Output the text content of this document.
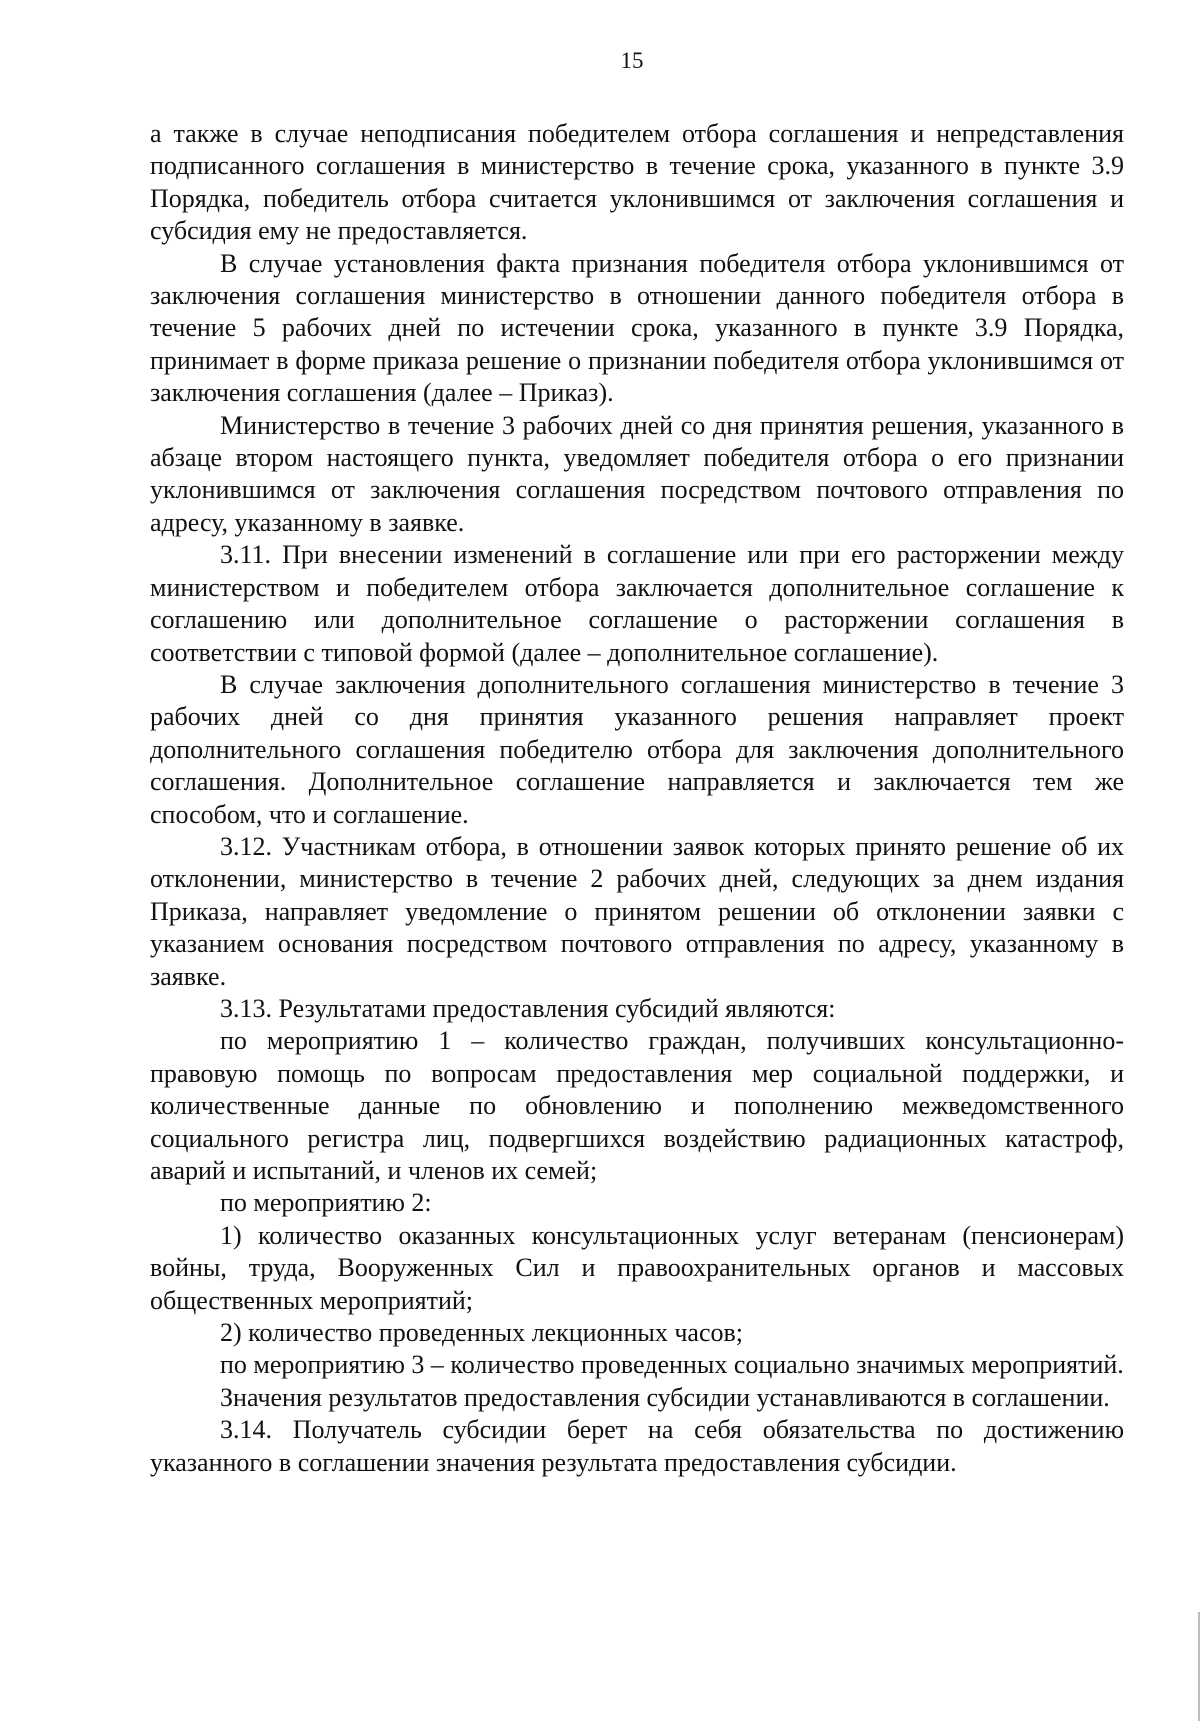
15

а также в случае неподписания победителем отбора соглашения и непредставления подписанного соглашения в министерство в течение срока, указанного в пункте 3.9 Порядка, победитель отбора считается уклонившимся от заключения соглашения и субсидия ему не предоставляется.

В случае установления факта признания победителя отбора уклонившимся от заключения соглашения министерство в отношении данного победителя отбора в течение 5 рабочих дней по истечении срока, указанного в пункте 3.9 Порядка, принимает в форме приказа решение о признании победителя отбора уклонившимся от заключения соглашения (далее – Приказ).

Министерство в течение 3 рабочих дней со дня принятия решения, указанного в абзаце втором настоящего пункта, уведомляет победителя отбора о его признании уклонившимся от заключения соглашения посредством почтового отправления по адресу, указанному в заявке.

3.11. При внесении изменений в соглашение или при его расторжении между министерством и победителем отбора заключается дополнительное соглашение к соглашению или дополнительное соглашение о расторжении соглашения в соответствии с типовой формой (далее – дополнительное соглашение).

В случае заключения дополнительного соглашения министерство в течение 3 рабочих дней со дня принятия указанного решения направляет проект дополнительного соглашения победителю отбора для заключения дополнительного соглашения. Дополнительное соглашение направляется и заключается тем же способом, что и соглашение.

3.12. Участникам отбора, в отношении заявок которых принято решение об их отклонении, министерство в течение 2 рабочих дней, следующих за днем издания Приказа, направляет уведомление о принятом решении об отклонении заявки с указанием основания посредством почтового отправления по адресу, указанному в заявке.

3.13. Результатами предоставления субсидий являются:

по мероприятию 1 – количество граждан, получивших консультационно-правовую помощь по вопросам предоставления мер социальной поддержки, и количественные данные по обновлению и пополнению межведомственного социального регистра лиц, подвергшихся воздействию радиационных катастроф, аварий и испытаний, и членов их семей;

по мероприятию 2:

1) количество оказанных консультационных услуг ветеранам (пенсионерам) войны, труда, Вооруженных Сил и правоохранительных органов и массовых общественных мероприятий;

2) количество проведенных лекционных часов;

по мероприятию 3 – количество проведенных социально значимых мероприятий.

Значения результатов предоставления субсидии устанавливаются в соглашении.

3.14. Получатель субсидии берет на себя обязательства по достижению указанного в соглашении значения результата предоставления субсидии.
